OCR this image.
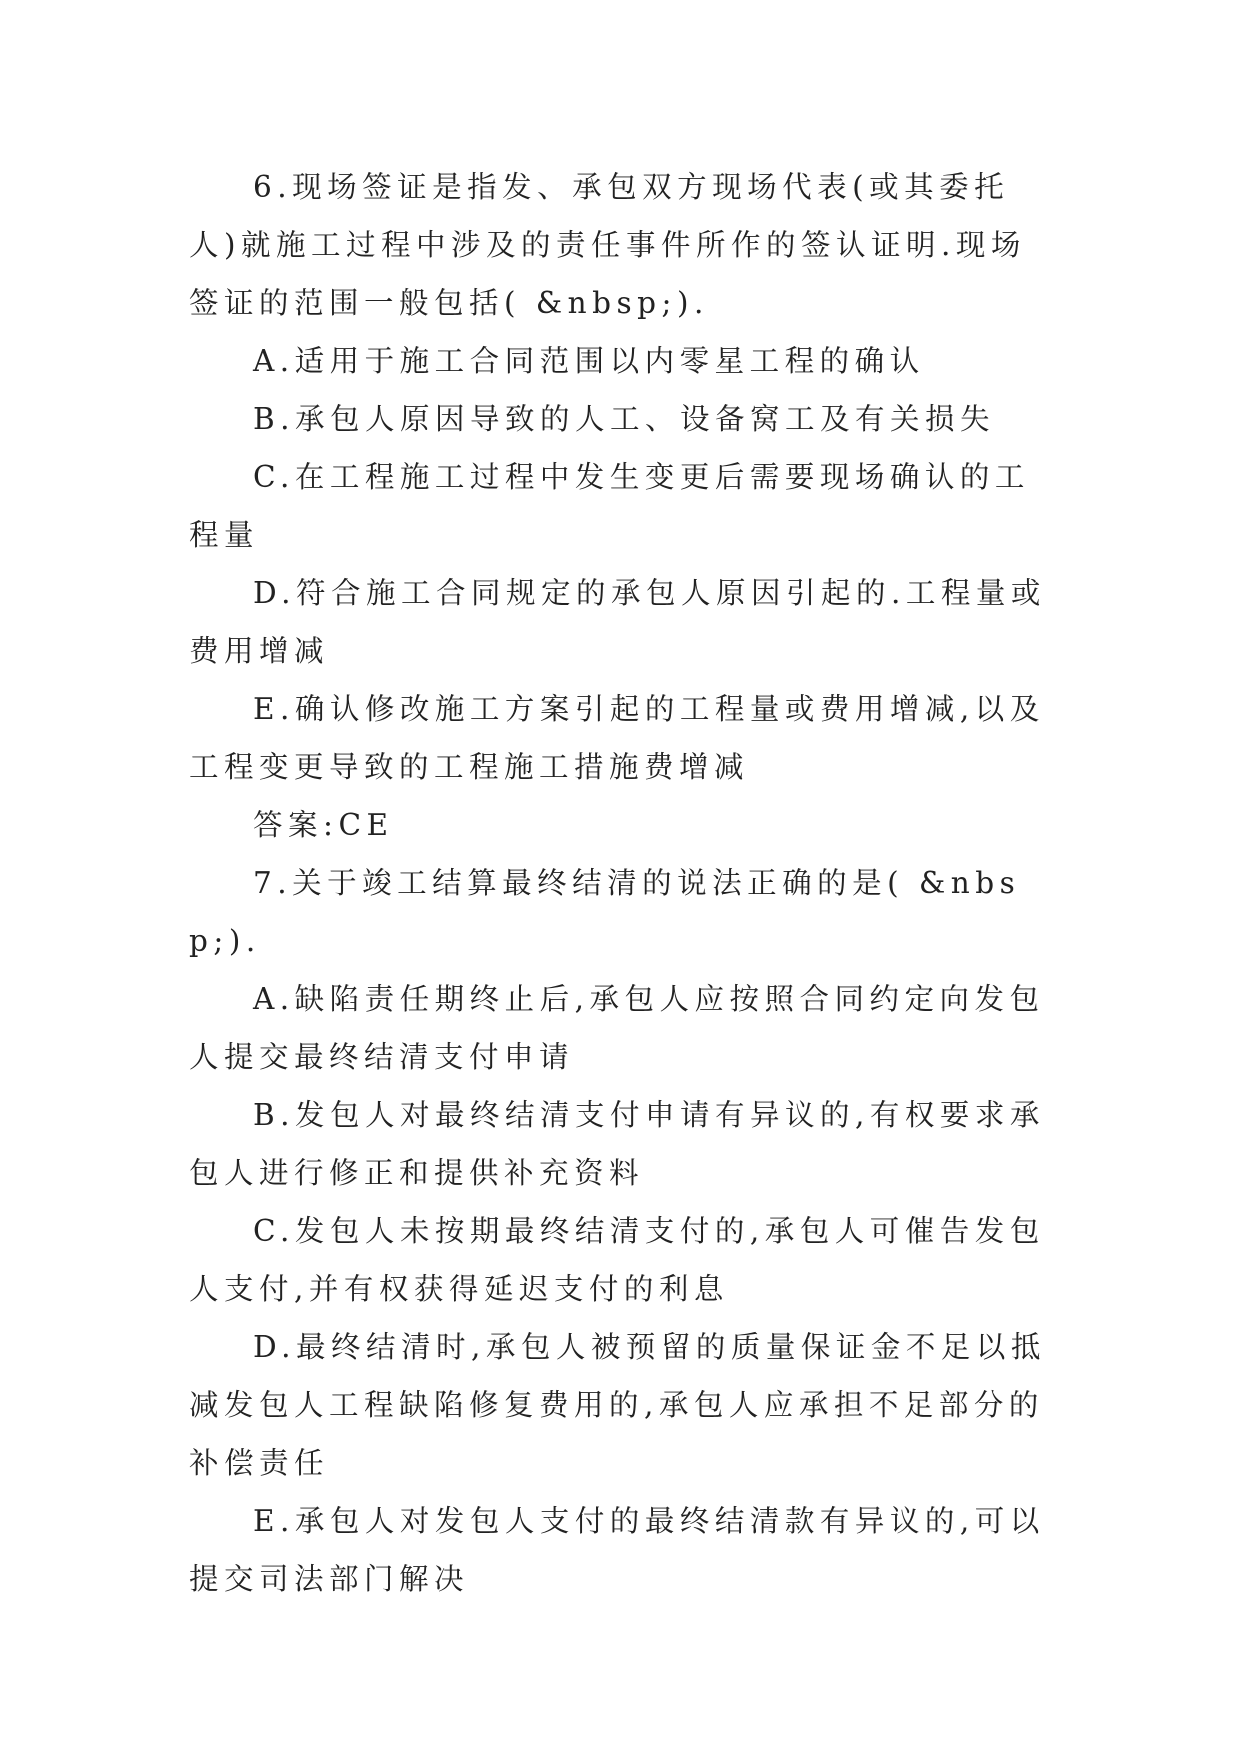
6.现场签证是指发、承包双方现场代表(或其委托人)就施工过程中涉及的责任事件所作的签认证明.现场签证的范围一般包括( &nbsp;).

A.适用于施工合同范围以内零星工程的确认

B.承包人原因导致的人工、设备窝工及有关损失

C.在工程施工过程中发生变更后需要现场确认的工程量

D.符合施工合同规定的承包人原因引起的.工程量或费用增减

E.确认修改施工方案引起的工程量或费用增减,以及工程变更导致的工程施工措施费增减

答案:CE

7.关于竣工结算最终结清的说法正确的是( &nbsp;).

A.缺陷责任期终止后,承包人应按照合同约定向发包人提交最终结清支付申请

B.发包人对最终结清支付申请有异议的,有权要求承包人进行修正和提供补充资料

C.发包人未按期最终结清支付的,承包人可催告发包人支付,并有权获得延迟支付的利息

D.最终结清时,承包人被预留的质量保证金不足以抵减发包人工程缺陷修复费用的,承包人应承担不足部分的补偿责任

E.承包人对发包人支付的最终结清款有异议的,可以提交司法部门解决
